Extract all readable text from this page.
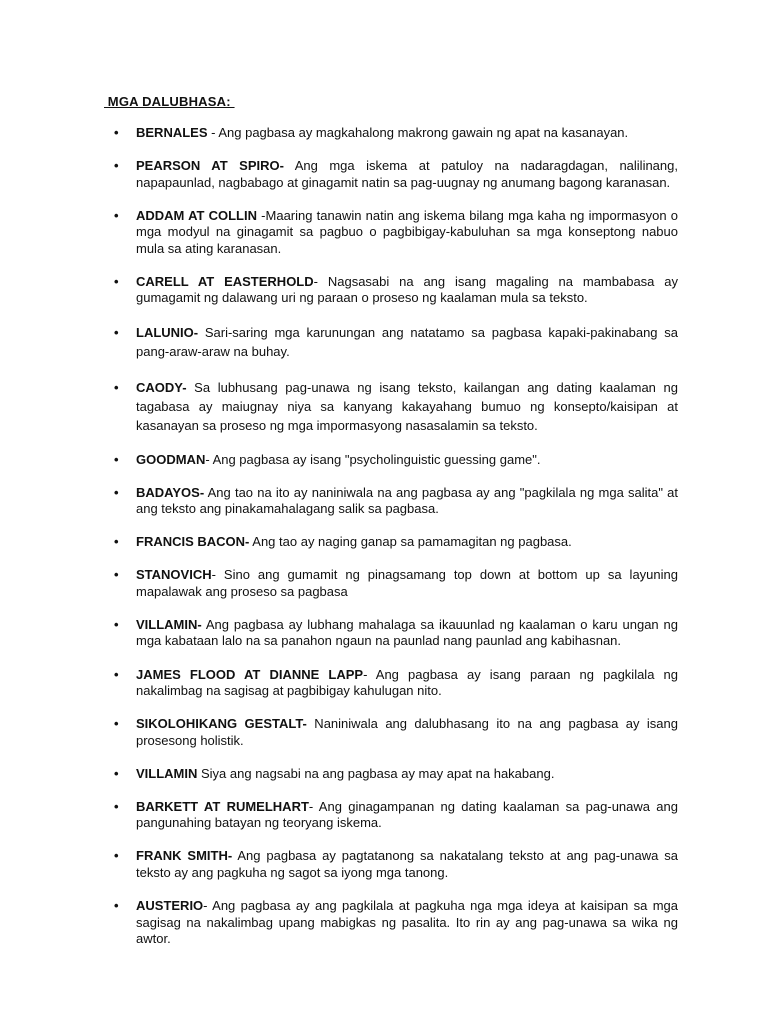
MGA DALUBHASA:
• BERNALES - Ang pagbasa ay magkahalong makrong gawain ng apat na kasanayan.
• PEARSON AT SPIRO- Ang mga iskema at patuloy na nadaragdagan, nalilinang, napapaunlad, nagbabago at ginagamit natin sa pag-uugnay ng anumang bagong karanasan.
• ADDAM AT COLLIN -Maaring tanawin natin ang iskema bilang mga kaha ng impormasyon o mga modyul na ginagamit sa pagbuo o pagbibigay-kabuluhan sa mga konseptong nabuo mula sa ating karanasan.
• CARELL AT EASTERHOLD- Nagsasabi na ang isang magaling na mambabasa ay gumagamit ng dalawang uri ng paraan o proseso ng kaalaman mula sa teksto.
• LALUNIO- Sari-saring mga karunungan ang natatamo sa pagbasa kapaki-pakinabang sa pang-araw-araw na buhay.
• CAODY- Sa lubhusang pag-unawa ng isang teksto, kailangan ang dating kaalaman ng tagabasa ay maiugnay niya sa kanyang kakayahang bumuo ng konsepto/kaisipan at kasanayan sa proseso ng mga impormasyong nasasalamin sa teksto.
• GOODMAN- Ang pagbasa ay isang "psycholinguistic guessing game".
• BADAYOS- Ang tao na ito ay naniniwala na ang pagbasa ay ang "pagkilala ng mga salita" at ang teksto ang pinakamahalagang salik sa pagbasa.
• FRANCIS BACON- Ang tao ay naging ganap sa pamamagitan ng pagbasa.
• STANOVICH- Sino ang gumamit ng pinagsamang top down at bottom up sa layuning mapalawak ang proseso sa pagbasa
• VILLAMIN- Ang pagbasa ay lubhang mahalaga sa ikauunlad ng kaalaman o karu ungan ng mga kabataan lalo na sa panahon ngaun na paunlad nang paunlad ang kabihasnan.
• JAMES FLOOD AT DIANNE LAPP- Ang pagbasa ay isang paraan ng pagkilala ng nakalimbag na sagisag at pagbibigay kahulugan nito.
• SIKOLOHIKANG GESTALT- Naniniwala ang dalubhasang ito na ang pagbasa ay isang prosesong holistik.
• VILLAMIN Siya ang nagsabi na ang pagbasa ay may apat na hakabang.
• BARKETT AT RUMELHART- Ang ginagampanan ng dating kaalaman sa pag-unawa ang pangunahing batayan ng teoryang iskema.
• FRANK SMITH- Ang pagbasa ay pagtatanong sa nakatalang teksto at ang pag-unawa sa teksto ay ang pagkuha ng sagot sa iyong mga tanong.
• AUSTERIO- Ang pagbasa ay ang pagkilala at pagkuha nga mga ideya at kaisipan sa mga sagisag na nakalimbag upang mabigkas ng pasalita. Ito rin ay ang pag-unawa sa wika ng awtor.
